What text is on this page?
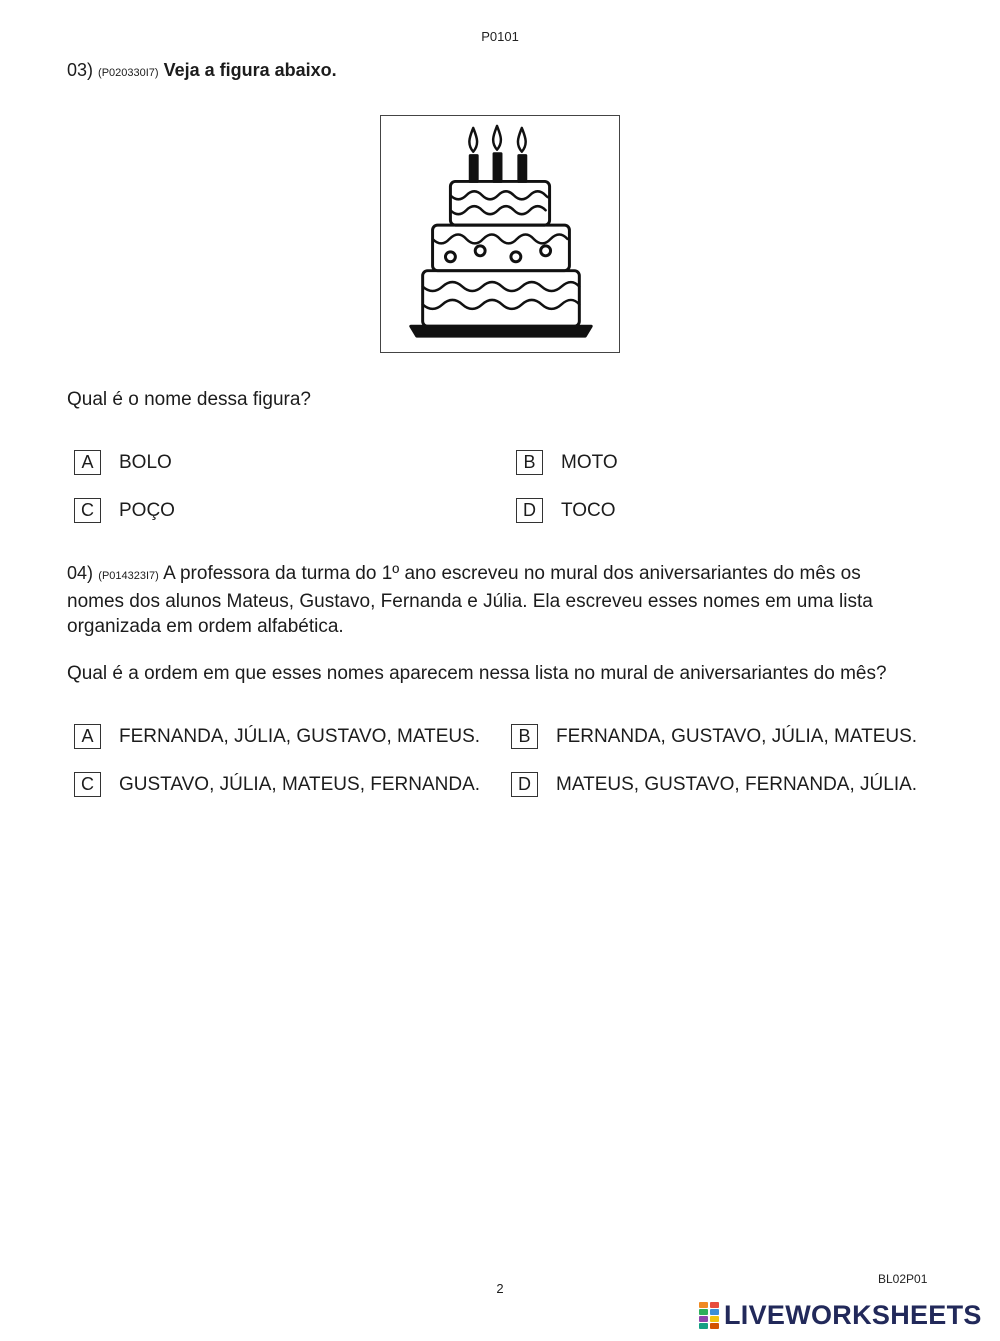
P0101
03) (P020330I7) Veja a figura abaixo.
Qual é o nome dessa figura?
A	BOLO	B	MOTO
C	POÇO	D	TOCO
04) (P014323I7) A professora da turma do 1º ano escreveu no mural dos aniversariantes do mês os
nomes dos alunos Mateus, Gustavo, Fernanda e Júlia. Ela escreveu esses nomes em uma lista
organizada em ordem alfabética.
Qual é a ordem em que esses nomes aparecem nessa lista no mural de aniversariantes do mês?
A	FERNANDA, JÚLIA, GUSTAVO, MATEUS.	B	FERNANDA, GUSTAVO, JÚLIA, MATEUS.
C	GUSTAVO, JÚLIA, MATEUS, FERNANDA.	D	MATEUS, GUSTAVO, FERNANDA, JÚLIA.
BL02P01
2
LIVEWORKSHEETS
